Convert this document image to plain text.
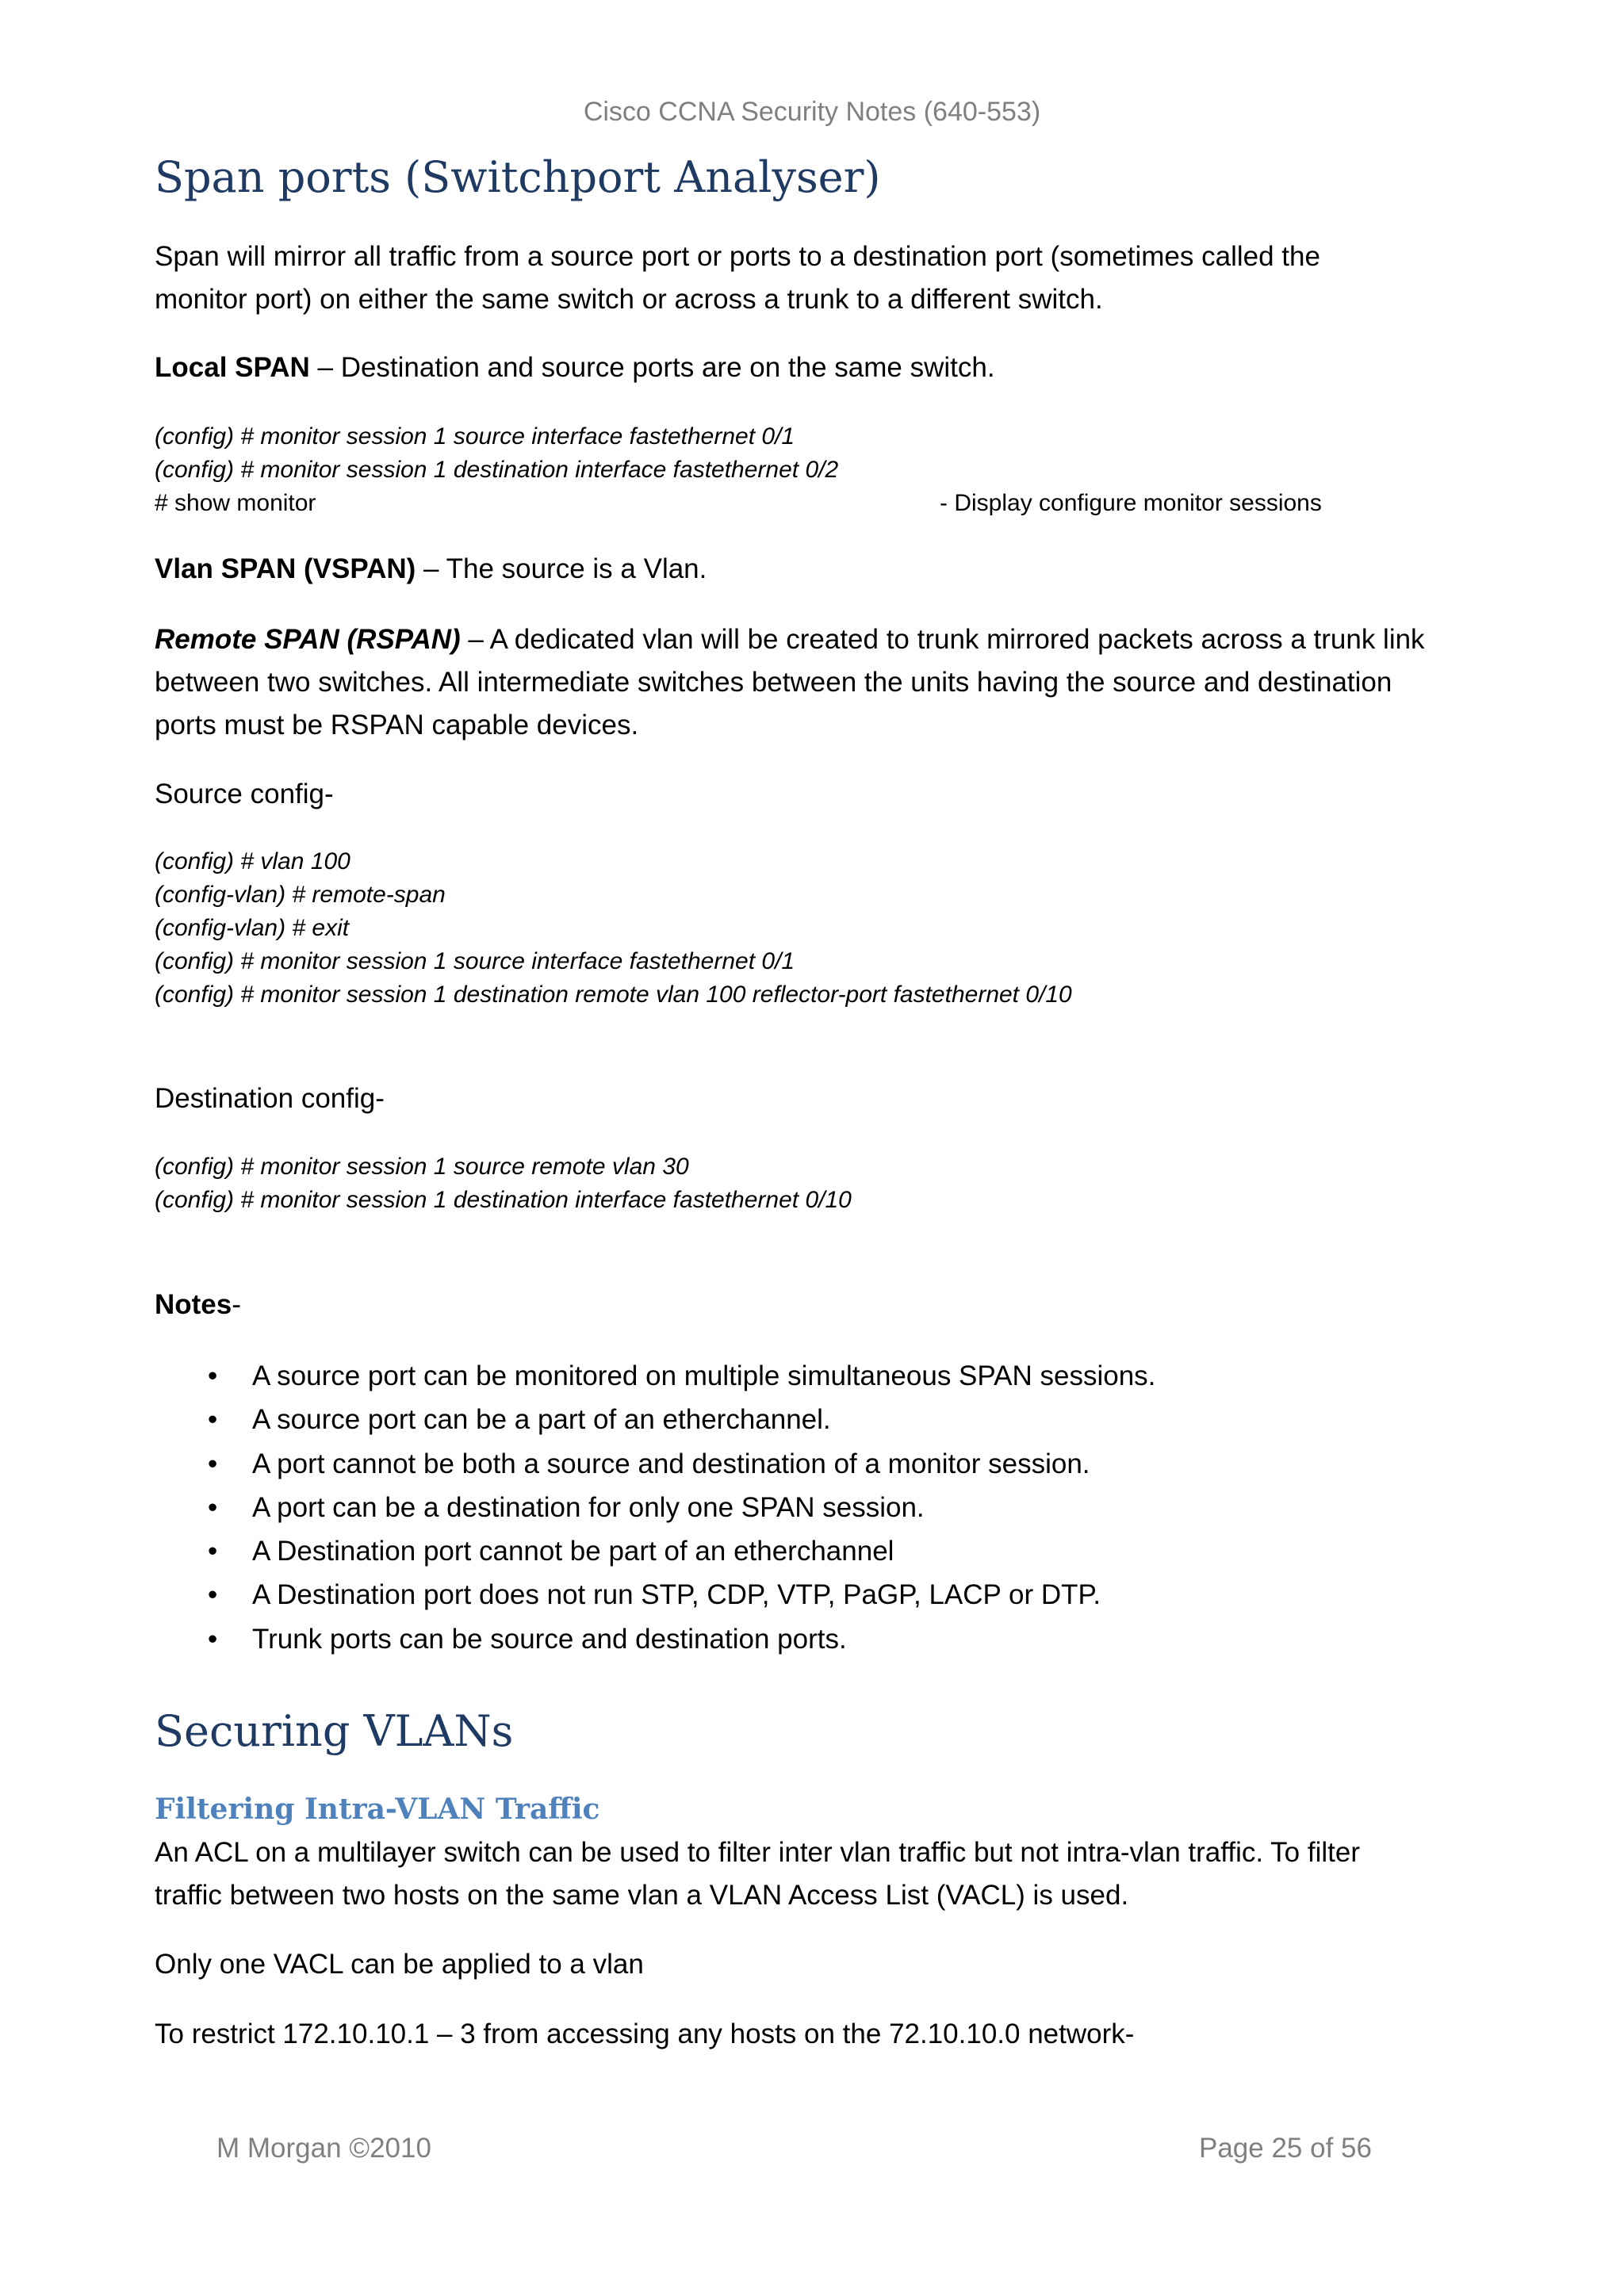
Cisco CCNA Security Notes (640-553)
Span ports (Switchport Analyser)
Span will mirror all traffic from a source port or ports to a destination port (sometimes called the
monitor port) on either the same switch or across a trunk to a different switch.
Local SPAN – Destination and source ports are on the same switch.
(config) # monitor session 1 source interface fastethernet 0/1
(config) # monitor session 1 destination interface fastethernet 0/2
# show monitor	- Display configure monitor sessions
Vlan SPAN (VSPAN) – The source is a Vlan.
Remote SPAN (RSPAN) – A dedicated vlan will be created to trunk mirrored packets across a trunk link
between two switches. All intermediate switches between the units having the source and destination
ports must be RSPAN capable devices.
Source config-
(config) # vlan 100
(config-vlan) # remote-span
(config-vlan) # exit
(config) # monitor session 1 source interface fastethernet 0/1
(config) # monitor session 1 destination remote vlan 100 reflector-port fastethernet 0/10
Destination config-
(config) # monitor session 1 source remote vlan 30
(config) # monitor session 1 destination interface fastethernet 0/10
Notes-
•	A source port can be monitored on multiple simultaneous SPAN sessions.
•	A source port can be a part of an etherchannel.
•	A port cannot be both a source and destination of a monitor session.
•	A port can be a destination for only one SPAN session.
•	A Destination port cannot be part of an etherchannel
•	A Destination port does not run STP, CDP, VTP, PaGP, LACP or DTP.
•	Trunk ports can be source and destination ports.
Securing VLANs
Filtering Intra-VLAN Traffic
An ACL on a multilayer switch can be used to filter inter vlan traffic but not intra-vlan traffic. To filter
traffic between two hosts on the same vlan a VLAN Access List (VACL) is used.
Only one VACL can be applied to a vlan
To restrict 172.10.10.1 – 3 from accessing any hosts on the 72.10.10.0 network-
M Morgan ©2010	Page 25 of 56
